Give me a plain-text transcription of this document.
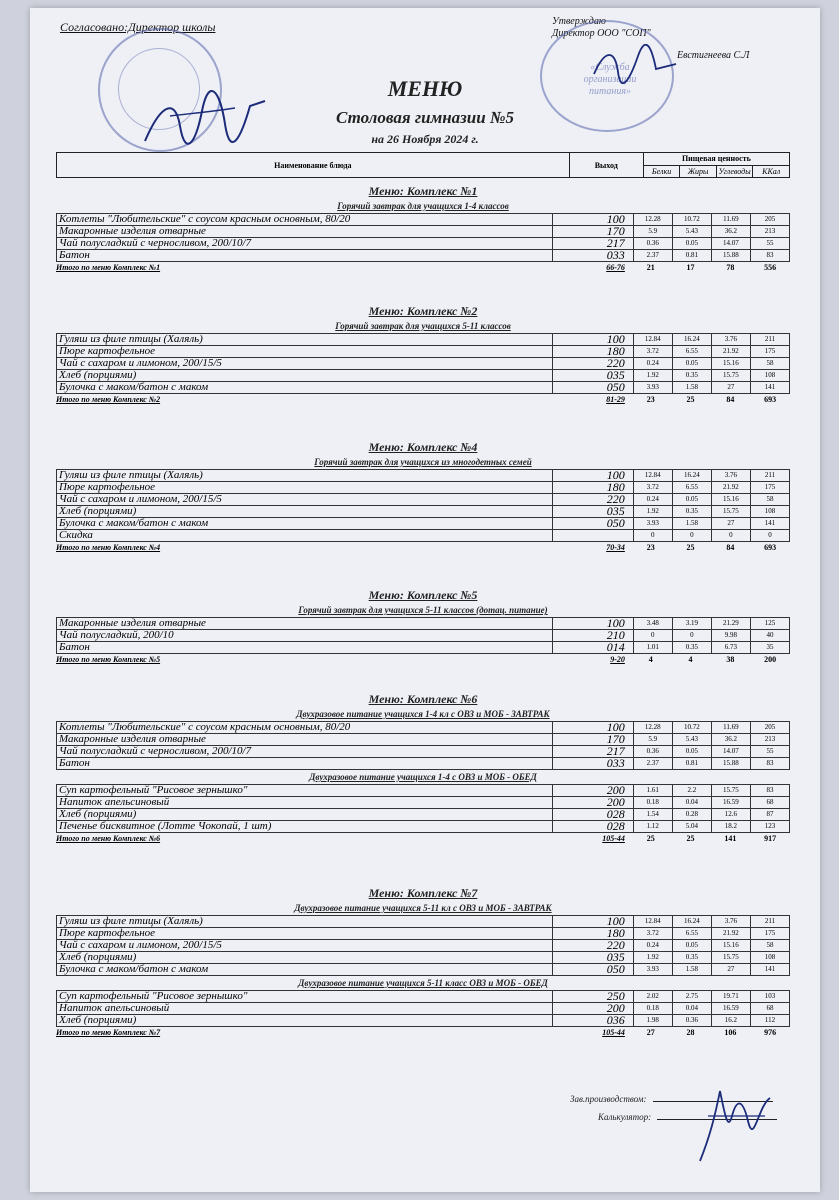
Согласовано:Директор школы	Утверждаю
Директор ООО "СОП"
Евстигнеева С.Л
«Служба организации питания»
МЕНЮ
Столовая гимназии №5
на 26 Ноября 2024 г.
Наименование блюда	Выход	Пищевая ценность			
		Белки	Жиры	Углеводы	ККал
Меню: Комплекс №1
Горячий завтрак для учащихся 1-4 классов
Котлеты "Любительские" с соусом красным основным, 80/20	100	12.28	10.72	11.69	205
Макаронные изделия отварные	170	5.9	5.43	36.2	213
Чай полусладкий с черносливом, 200/10/7	217	0.36	0.05	14.07	55
Батон	033	2.37	0.81	15.88	83
Итого по меню Комплекс №1	66-76	21	17	78	556
Меню: Комплекс №2
Горячий завтрак для учащихся 5-11 классов
Гуляш из филе птицы (Халяль)	100	12.84	16.24	3.76	211
Пюре картофельное	180	3.72	6.55	21.92	175
Чай с сахаром и лимоном, 200/15/5	220	0.24	0.05	15.16	58
Хлеб (порциями)	035	1.92	0.35	15.75	108
Булочка с маком/батон с маком	050	3.93	1.58	27	141
Итого по меню Комплекс №2	81-29	23	25	84	693
Меню: Комплекс №4
Горячий завтрак для учащихся из многодетных семей
Гуляш из филе птицы (Халяль)	100	12.84	16.24	3.76	211
Пюре картофельное	180	3.72	6.55	21.92	175
Чай с сахаром и лимоном, 200/15/5	220	0.24	0.05	15.16	58
Хлеб (порциями)	035	1.92	0.35	15.75	108
Булочка с маком/батон с маком	050	3.93	1.58	27	141
Скидка		0	0	0	0
Итого по меню Комплекс №4	70-34	23	25	84	693
Меню: Комплекс №5
Горячий завтрак для учащихся 5-11 классов (дотац. питание)
Макаронные изделия отварные	100	3.48	3.19	21.29	125
Чай полусладкий, 200/10	210	0	0	9.98	40
Батон	014	1.01	0.35	6.73	35
Итого по меню Комплекс №5	9-20	4	4	38	200
Меню: Комплекс №6
Двухразовое питание учащихся 1-4 кл с ОВЗ и МОБ - ЗАВТРАК
Котлеты "Любительские" с соусом красным основным, 80/20	100	12.28	10.72	11.69	205
Макаронные изделия отварные	170	5.9	5.43	36.2	213
Чай полусладкий с черносливом, 200/10/7	217	0.36	0.05	14.07	55
Батон	033	2.37	0.81	15.88	83
Двухразовое питание учащихся 1-4 с ОВЗ и МОБ - ОБЕД
Суп картофельный "Рисовое зернышко"	200	1.61	2.2	15.75	83
Напиток апельсиновый	200	0.18	0.04	16.59	68
Хлеб (порциями)	028	1.54	0.28	12.6	87
Печенье бисквитное (Лотте Чокопай, 1 шт)	028	1.12	5.04	18.2	123
Итого по меню Комплекс №6	105-44	25	25	141	917
Меню: Комплекс №7
Двухразовое питание учащихся 5-11 кл с ОВЗ и МОБ - ЗАВТРАК
Гуляш из филе птицы (Халяль)	100	12.84	16.24	3.76	211
Пюре картофельное	180	3.72	6.55	21.92	175
Чай с сахаром и лимоном, 200/15/5	220	0.24	0.05	15.16	58
Хлеб (порциями)	035	1.92	0.35	15.75	108
Булочка с маком/батон с маком	050	3.93	1.58	27	141
Двухразовое питание учащихся 5-11 класс ОВЗ и МОБ - ОБЕД
Суп картофельный "Рисовое зернышко"	250	2.02	2.75	19.71	103
Напиток апельсиновый	200	0.18	0.04	16.59	68
Хлеб (порциями)	036	1.98	0.36	16.2	112
Итого по меню Комплекс №7	105-44	27	28	106	976
Зав.производством:
Калькулятор:
